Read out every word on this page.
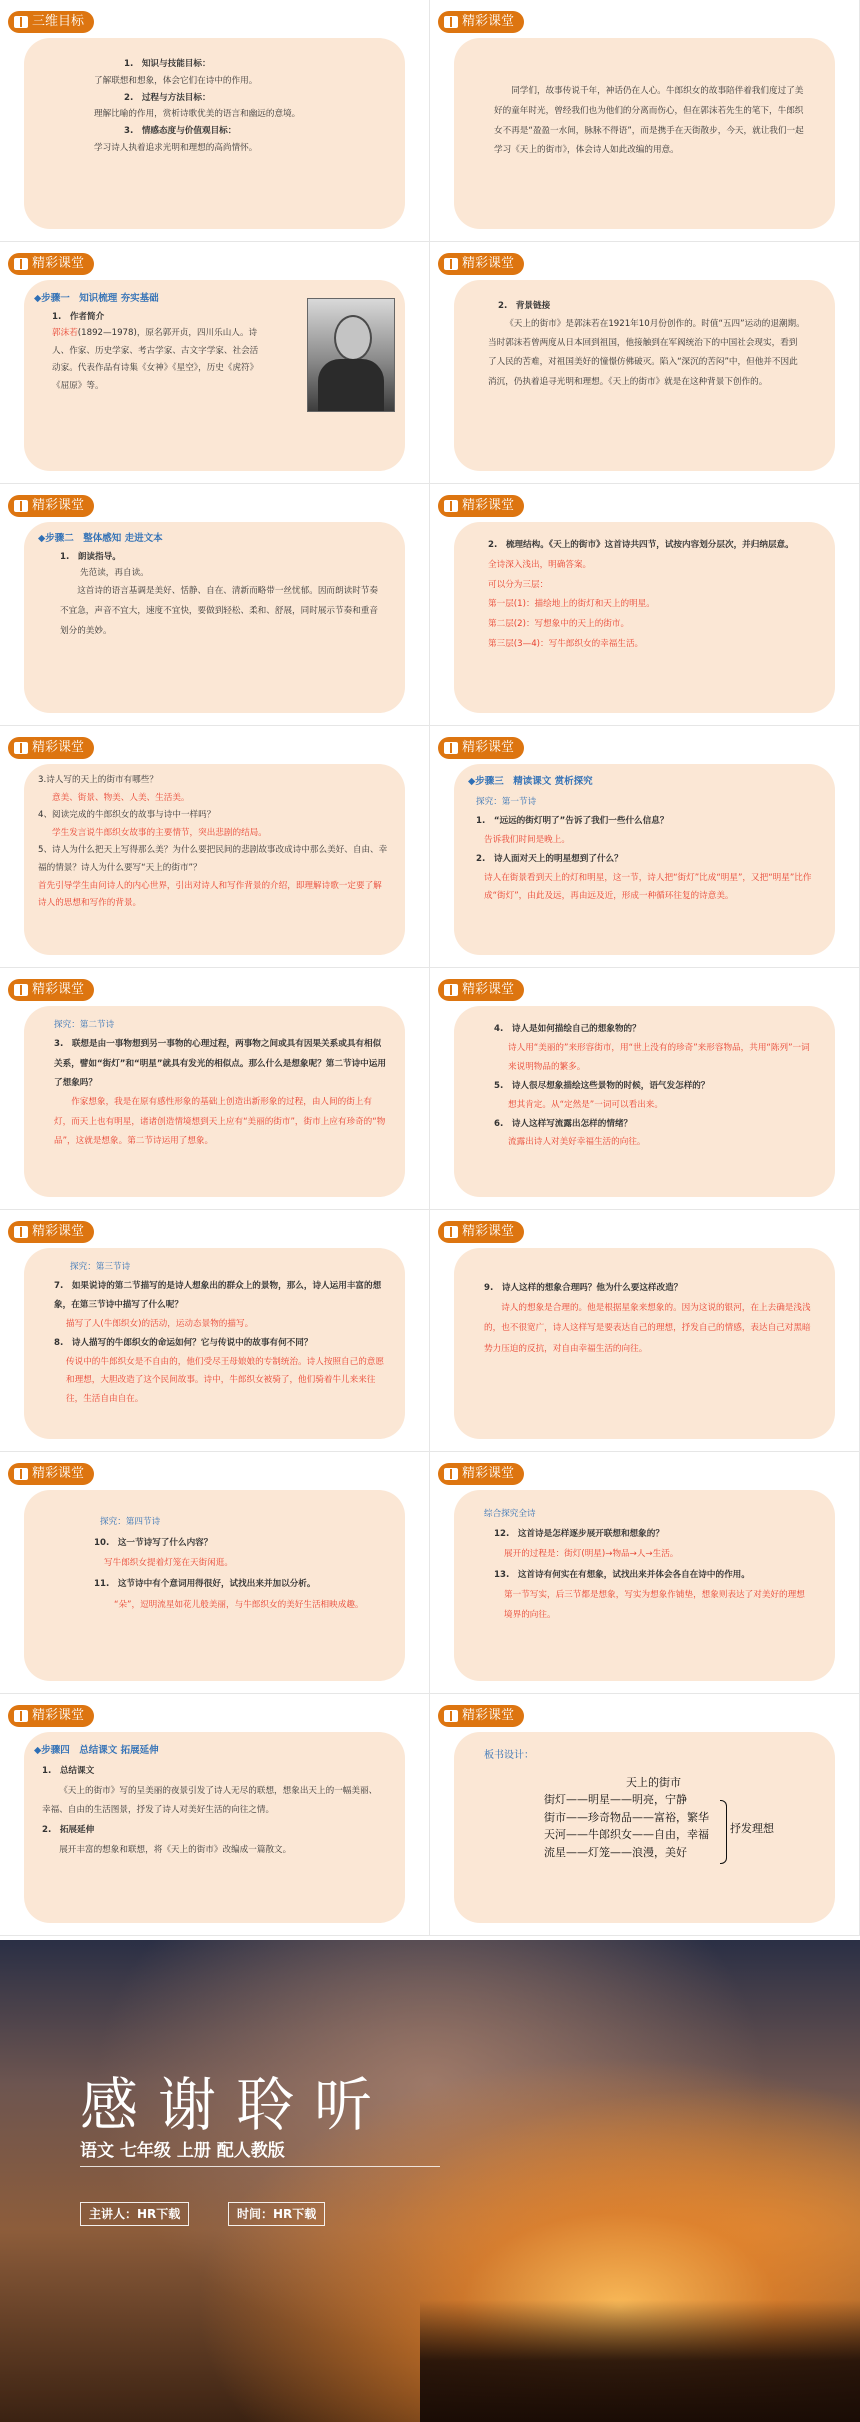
三维目标

1.　知识与技能目标：

了解联想和想象，体会它们在诗中的作用。

2.　过程与方法目标：

理解比喻的作用，赏析诗歌优美的语言和幽远的意境。

3.　情感态度与价值观目标：

学习诗人执着追求光明和理想的高尚情怀。

精彩课堂

同学们，故事传说千年，神话仍在人心。牛郎织女的故事陪伴着我们度过了美好的童年时光，曾经我们也为他们的分离而伤心，但在郭沫若先生的笔下，牛郎织女不再是“盈盈一水间，脉脉不得语”，而是携手在天街散步，今天，就让我们一起学习《天上的街市》，体会诗人如此改编的用意。

精彩课堂

◆步骤一　知识梳理 夯实基础

1.　作者简介

郭沫若(1892—1978)，原名郭开贞，四川乐山人。诗人、作家、历史学家、考古学家、古文字学家、社会活动家。代表作品有诗集《女神》《星空》，历史《虎符》《屈原》等。

精彩课堂

2.　背景链接

《天上的街市》是郭沫若在1921年10月份创作的。时值“五四”运动的退潮期。当时郭沫若曾两度从日本回到祖国，他接触到在军阀统治下的中国社会现实，看到了人民的苦难，对祖国美好的憧憬仿佛破灭。陷入“深沉的苦闷”中，但他并不因此消沉，仍执着追寻光明和理想。《天上的街市》就是在这种背景下创作的。

精彩课堂

◆步骤二　整体感知 走进文本

1.　朗读指导。

先范读，再自读。

这首诗的语言基调是美好、恬静、自在、清新而略带一丝忧郁。因而朗读时节奏不宜急，声音不宜大，速度不宜快，要做到轻松、柔和、舒展，同时展示节奏和重音划分的美妙。

精彩课堂

2.　梳理结构。《天上的街市》这首诗共四节，试按内容划分层次，并归纳层意。

全诗深入浅出，明确答案。

可以分为三层：

第一层(1)：描绘地上的街灯和天上的明星。

第二层(2)：写想象中的天上的街市。

第三层(3—4)：写牛郎织女的幸福生活。

精彩课堂

3.诗人写的天上的街市有哪些？

意美、街景、物美、人美、生活美。

4、阅读完成的牛郎织女的故事与诗中一样吗？

学生发言说牛郎织女故事的主要情节，突出悲剧的结局。

5、诗人为什么把天上写得那么美？为什么要把民间的悲剧故事改成诗中那么美好、自由、幸福的情景？诗人为什么要写“天上的街市”？

首先引导学生由问诗人的内心世界，引出对诗人和写作背景的介绍，即理解诗歌一定要了解诗人的思想和写作的背景。

精彩课堂

◆步骤三　精读课文 赏析探究

探究：第一节诗

1.　“远远的街灯明了”告诉了我们一些什么信息？

告诉我们时间是晚上。

2.　诗人面对天上的明星想到了什么？

诗人在街景看到天上的灯和明星，这一节，诗人把“街灯”比成“明星”，又把“明星”比作成“街灯”，由此及远，再由远及近，形成一种循环往复的诗意美。

精彩课堂

探究：第二节诗

3.　联想是由一事物想到另一事物的心理过程，两事物之间或具有因果关系或具有相似关系，譬如“街灯”和“明星”就具有发光的相似点。那么什么是想象呢？第二节诗中运用了想象吗？

作家想象，我是在原有感性形象的基础上创造出新形象的过程，由人间的街上有灯，而天上也有明星，诸诸创造情境想到天上应有“美丽的街市”，街市上应有珍奇的“物品”，这就是想象。第二节诗运用了想象。

精彩课堂

4.　诗人是如何描绘自己的想象物的？

诗人用“美丽的”来形容街市，用“世上没有的珍奇”来形容物品，共用“陈列”一词来说明物品的繁多。

5.　诗人很尽想象描绘这些景物的时候，语气发怎样的？

想其肯定。从“定然是”一词可以看出来。

6.　诗人这样写流露出怎样的情绪？

流露出诗人对美好幸福生活的向往。

精彩课堂

探究：第三节诗

7.　如果说诗的第二节描写的是诗人想象出的群众上的景物，那么，诗人运用丰富的想象，在第三节诗中描写了什么呢？

描写了人(牛郎织女)的活动，运动态景物的描写。

8.　诗人描写的牛郎织女的命运如何？它与传说中的故事有何不同？

传说中的牛郎织女是不自由的，他们受尽王母娘娘的专制统治。诗人按照自己的意愿和理想，大胆改造了这个民间故事。诗中，牛郎织女被骑了，他们骑着牛儿来来往往，生活自由自在。

精彩课堂

9.　诗人这样的想象合理吗？他为什么要这样改造？

诗人的想象是合理的。他是根据星象来想象的。因为这说的银河，在上去确是浅浅的，也不很宽广，诗人这样写是要表达自己的理想，抒发自己的情感，表达自己对黑暗势力压迫的反抗，对自由幸福生活的向往。

精彩课堂

探究：第四节诗

10.　这一节诗写了什么内容？

写牛郎织女提着灯笼在天街闲逛。

11.　这节诗中有个意词用得很好，试找出来并加以分析。

“朵”，逗明流星如花儿般美丽，与牛郎织女的美好生活相映成趣。

精彩课堂

综合探究全诗

12.　这首诗是怎样逐步展开联想和想象的？

展开的过程是：街灯(明星)→物品→人→生活。

13.　这首诗有何实在有想象，试找出来并体会各自在诗中的作用。

第一节写实，后三节都是想象，写实为想象作铺垫，想象则表达了对美好的理想境界的向往。

精彩课堂

◆步骤四　总结课文 拓展延伸

1.　总结课文

《天上的街市》写的呈美丽的夜景引发了诗人无尽的联想，想象出天上的一幅美丽、幸福、自由的生活图景，抒发了诗人对美好生活的向往之情。

2.　拓展延伸

展开丰富的想象和联想，将《天上的街市》改编成一篇散文。

精彩课堂

板书设计：

天上的街市
街灯——明星——明亮，宁静
街市——珍奇物品——富裕，繁华
天河——牛郎织女——自由，幸福
流星——灯笼——浪漫，美好
抒发理想
感谢聆听
语文 七年级 上册 配人教版
主讲人：HR下载	时间：HR下载
